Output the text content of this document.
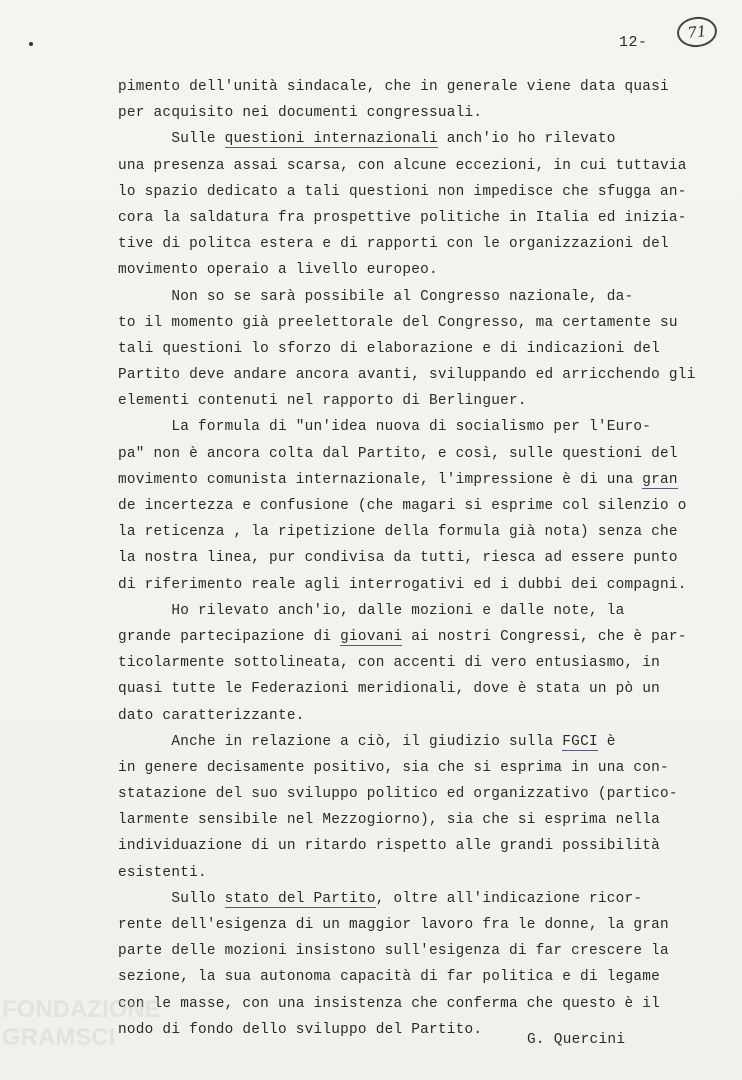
12-
71
pimento dell'unità sindacale, che in generale viene data quasi
per acquisito nei documenti congressuali.
Sulle questioni internazionali anch'io ho rilevato
una presenza assai scarsa, con alcune eccezioni, in cui tuttavia
lo spazio dedicato a tali questioni non impedisce che sfugga an-
cora la saldatura fra prospettive politiche in Italia ed inizia-
tive di politca estera e di rapporti con le organizzazioni del
movimento operaio a livello europeo.
Non so se sarà possibile al Congresso nazionale, da-
to il momento già preelettorale del Congresso, ma certamente su
tali questioni lo sforzo di elaborazione e di indicazioni del
Partito deve andare ancora avanti, sviluppando ed arricchendo gli
elementi contenuti nel rapporto di Berlinguer.
La formula di "un'idea nuova di socialismo per l'Euro-
pa" non è ancora colta dal Partito, e così, sulle questioni del
movimento comunista internazionale, l'impressione è di una gran
de incertezza e confusione (che magari si esprime col silenzio o
la reticenza , la ripetizione della formula già nota) senza che
la nostra linea, pur condivisa da tutti, riesca ad essere punto
di riferimento reale agli interrogativi ed i dubbi dei compagni.
Ho rilevato anch'io, dalle mozioni e dalle note, la
grande partecipazione di giovani ai nostri Congressi, che è par-
ticolarmente sottolineata, con accenti di vero entusiasmo, in
quasi tutte le Federazioni meridionali, dove è stata un pò un
dato caratterizzante.
Anche in relazione a ciò, il giudizio sulla FGCI è
in genere decisamente positivo, sia che si esprima in una con-
statazione del suo sviluppo politico ed organizzativo (partico-
larmente sensibile nel Mezzogiorno), sia che si esprima nella
individuazione di un ritardo rispetto alle grandi possibilità
esistenti.
Sullo stato del Partito, oltre all'indicazione ricor-
rente dell'esigenza di un maggior lavoro fra le donne, la gran
parte delle mozioni insistono sull'esigenza di far crescere la
sezione, la sua autonoma capacità di far politica e di legame
con le masse, con una insistenza che conferma che questo è il
nodo di fondo dello sviluppo del Partito.
G. Quercini
FONDAZIONE GRAMSCI
